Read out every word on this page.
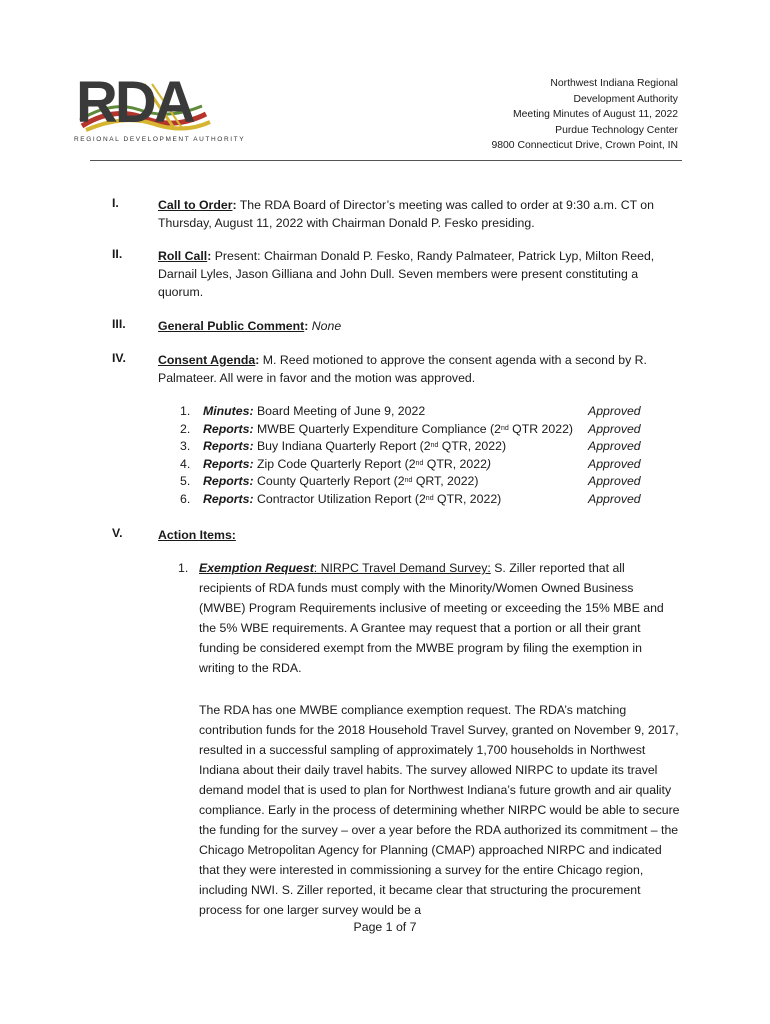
RDA
REGIONAL DEVELOPMENT AUTHORITY
Northwest Indiana Regional
Development Authority
Meeting Minutes of August 11, 2022
Purdue Technology Center
9800 Connecticut Drive, Crown Point, IN
I.	Call to Order: The RDA Board of Director’s meeting was called to order at 9:30 a.m. CT on Thursday, August 11, 2022 with Chairman Donald P. Fesko presiding.
II.	Roll Call: Present: Chairman Donald P. Fesko, Randy Palmateer, Patrick Lyp, Milton Reed, Darnail Lyles, Jason Gilliana and John Dull. Seven members were present constituting a quorum.
III.	General Public Comment: None
IV.	Consent Agenda: M. Reed motioned to approve the consent agenda with a second by R. Palmateer. All were in favor and the motion was approved.
1.	Minutes: Board Meeting of June 9, 2022	Approved
2.	Reports: MWBE Quarterly Expenditure Compliance (2nd QTR 2022) Approved
3.	Reports: Buy Indiana Quarterly Report (2nd QTR, 2022)	Approved
4.	Reports: Zip Code Quarterly Report (2nd QTR, 2022)	Approved
5.	Reports: County Quarterly Report (2nd QRT, 2022)	Approved
6.	Reports: Contractor Utilization Report (2nd QTR, 2022)	Approved
V.	Action Items:
1. Exemption Request: NIRPC Travel Demand Survey: S. Ziller reported that all recipients of RDA funds must comply with the Minority/Women Owned Business (MWBE) Program Requirements inclusive of meeting or exceeding the 15% MBE and the 5% WBE requirements. A Grantee may request that a portion or all their grant funding be considered exempt from the MWBE program by filing the exemption in writing to the RDA.
The RDA has one MWBE compliance exemption request. The RDA’s matching contribution funds for the 2018 Household Travel Survey, granted on November 9, 2017, resulted in a successful sampling of approximately 1,700 households in Northwest Indiana about their daily travel habits. The survey allowed NIRPC to update its travel demand model that is used to plan for Northwest Indiana’s future growth and air quality compliance. Early in the process of determining whether NIRPC would be able to secure the funding for the survey – over a year before the RDA authorized its commitment – the Chicago Metropolitan Agency for Planning (CMAP) approached NIRPC and indicated that they were interested in commissioning a survey for the entire Chicago region, including NWI. S. Ziller reported, it became clear that structuring the procurement process for one larger survey would be a
Page 1 of 7
